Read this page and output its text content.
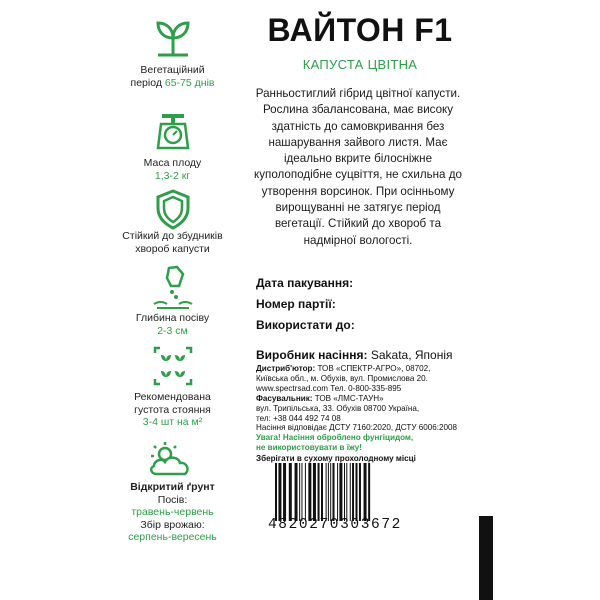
Вегетаційний
період 65-75 днів
Маса плоду
1,3-2 кг
Стійкий до збудників
хвороб капусти
Глибина посіву
2-3 см
Рекомендована
густота стояння
3-4 шт на м²
Відкритий ґрунт
Посів:
травень-червень
Збір врожаю:
серпень-вересень
ВАЙТОН F1
КАПУСТА ЦВІТНА
Ранньостиглий гібрид цвітної капусти. Рослина збалансована, має високу здатність до самовкривання без нашарування зайвого листя. Має ідеально вкрите білосніжне куполоподібне суцвіття, не схильна до утворення ворсинок. При осінньому вирощуванні не затягує період вегетації. Стійкий до хвороб та надмірної вологості.
Дата пакування:
Номер партії:
Використати до:
Виробник насіння: Sakata, Японія
Дистриб'ютор: ТОВ «СПЕКТР-АГРО», 08702,
Київська обл., м. Обухів, вул. Промислова 20.
www.spectrsad.com Тел. 0-800-335-895
Фасувальник: ТОВ «ЛМС-ТАУН»
вул. Трипільська, 33. Обухів 08700 Україна,
тел: +38 044 492 74 08
Насіння відповідає ДСТУ 7160:2020, ДСТУ 6006:2008
Увага! Насіння оброблено фунгіцидом,
не використовувати в їжу!
Зберігати в сухому прохолодному місці
4820270303672
